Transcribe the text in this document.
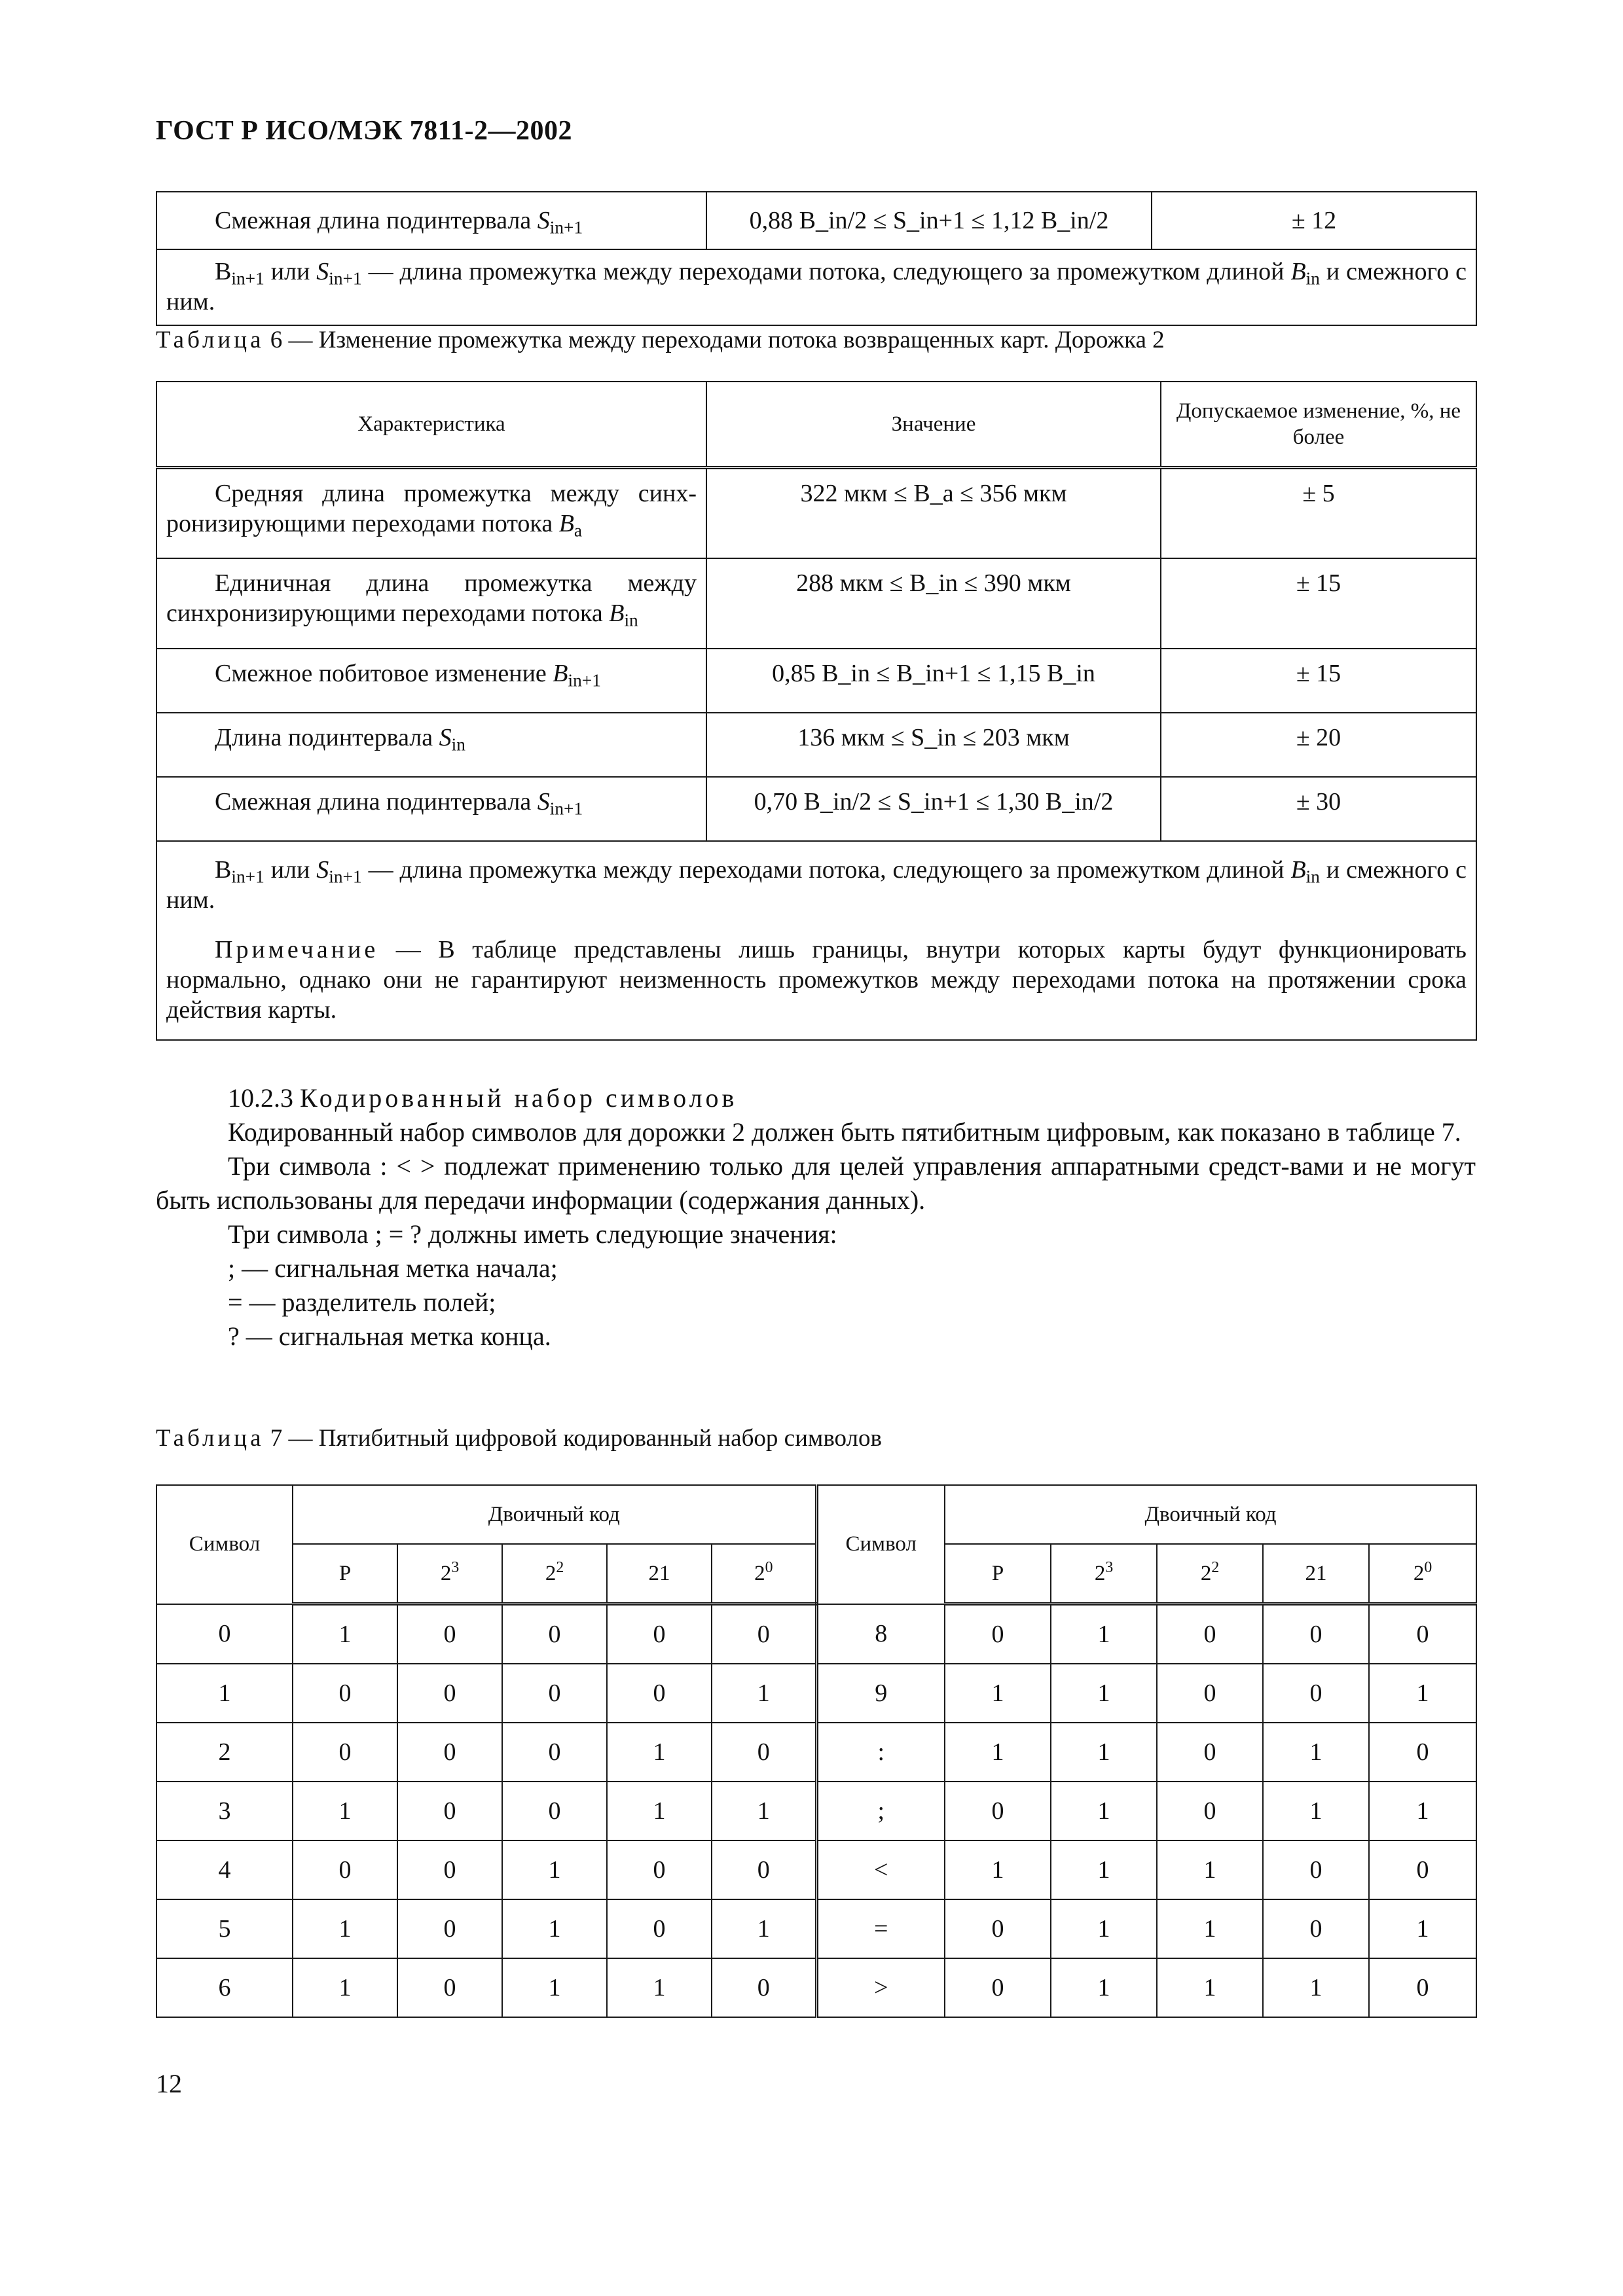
ГОСТ Р ИСО/МЭК 7811-2—2002
Смежная длина подинтервала $S_{in+1}$	0,88 B_in/2 ≤ S_in+1 ≤ 1,12 B_in/2	± 12
$B_{in+1}$ или $S_{in+1}$ — длина промежутка между переходами потока, следующего за промежутком длиной $B_{in}$ и смежного с ним.
Таблица 6 — Изменение промежутка между переходами потока возвращенных карт. Дорожка 2
Характеристика	Значение	Допускаемое изменение, %, не более
Средняя длина промежутка между синх-ронизирующими переходами потока $B_a$	322 мкм ≤ B_a ≤ 356 мкм	± 5
Единичная длина промежутка между синхронизирующими переходами потока $B_{in}$	288 мкм ≤ B_in ≤ 390 мкм	± 15
Смежное побитовое изменение $B_{in+1}$	0,85 B_in ≤ B_in+1 ≤ 1,15 B_in	± 15
Длина подинтервала $S_{in}$	136 мкм ≤ S_in ≤ 203 мкм	± 20
Смежная длина подинтервала $S_{in+1}$	0,70 B_in/2 ≤ S_in+1 ≤ 1,30 B_in/2	± 30

$B_{in+1}$ или $S_{in+1}$ — длина промежутка между переходами потока, следующего за промежутком длиной $B_{in}$ и смежного с ним.
Примечание — В таблице представлены лишь границы, внутри которых карты будут функционировать нормально, однако они не гарантируют неизменность промежутков между переходами потока на протяжении срока действия карты.		

10.2.3 Кодированный набор символов

Кодированный набор символов для дорожки 2 должен быть пятибитным цифровым, как показано в таблице 7.

Три символа : < > подлежат применению только для целей управления аппаратными средст-вами и не могут быть использованы для передачи информации (содержания данных).

Три символа ; = ? должны иметь следующие значения:

; — сигнальная метка начала;

= — разделитель полей;

? — сигнальная метка конца.

Таблица 7 — Пятибитный цифровой кодированный набор символов
Символ	Двоичный код					Символ	Двоичный код				
	P	$2^3$	$2^2$	21	$2^0$		P	$2^3$	$2^2$	21	$2^0$
0	1	0	0	0	0	8	0	1	0	0	0
1	0	0	0	0	1	9	1	1	0	0	1
2	0	0	0	1	0	:	1	1	0	1	0
3	1	0	0	1	1	;	0	1	0	1	1
4	0	0	1	0	0	<	1	1	1	0	0
5	1	0	1	0	1	=	0	1	1	0	1
6	1	0	1	1	0	>	0	1	1	1	0
12
